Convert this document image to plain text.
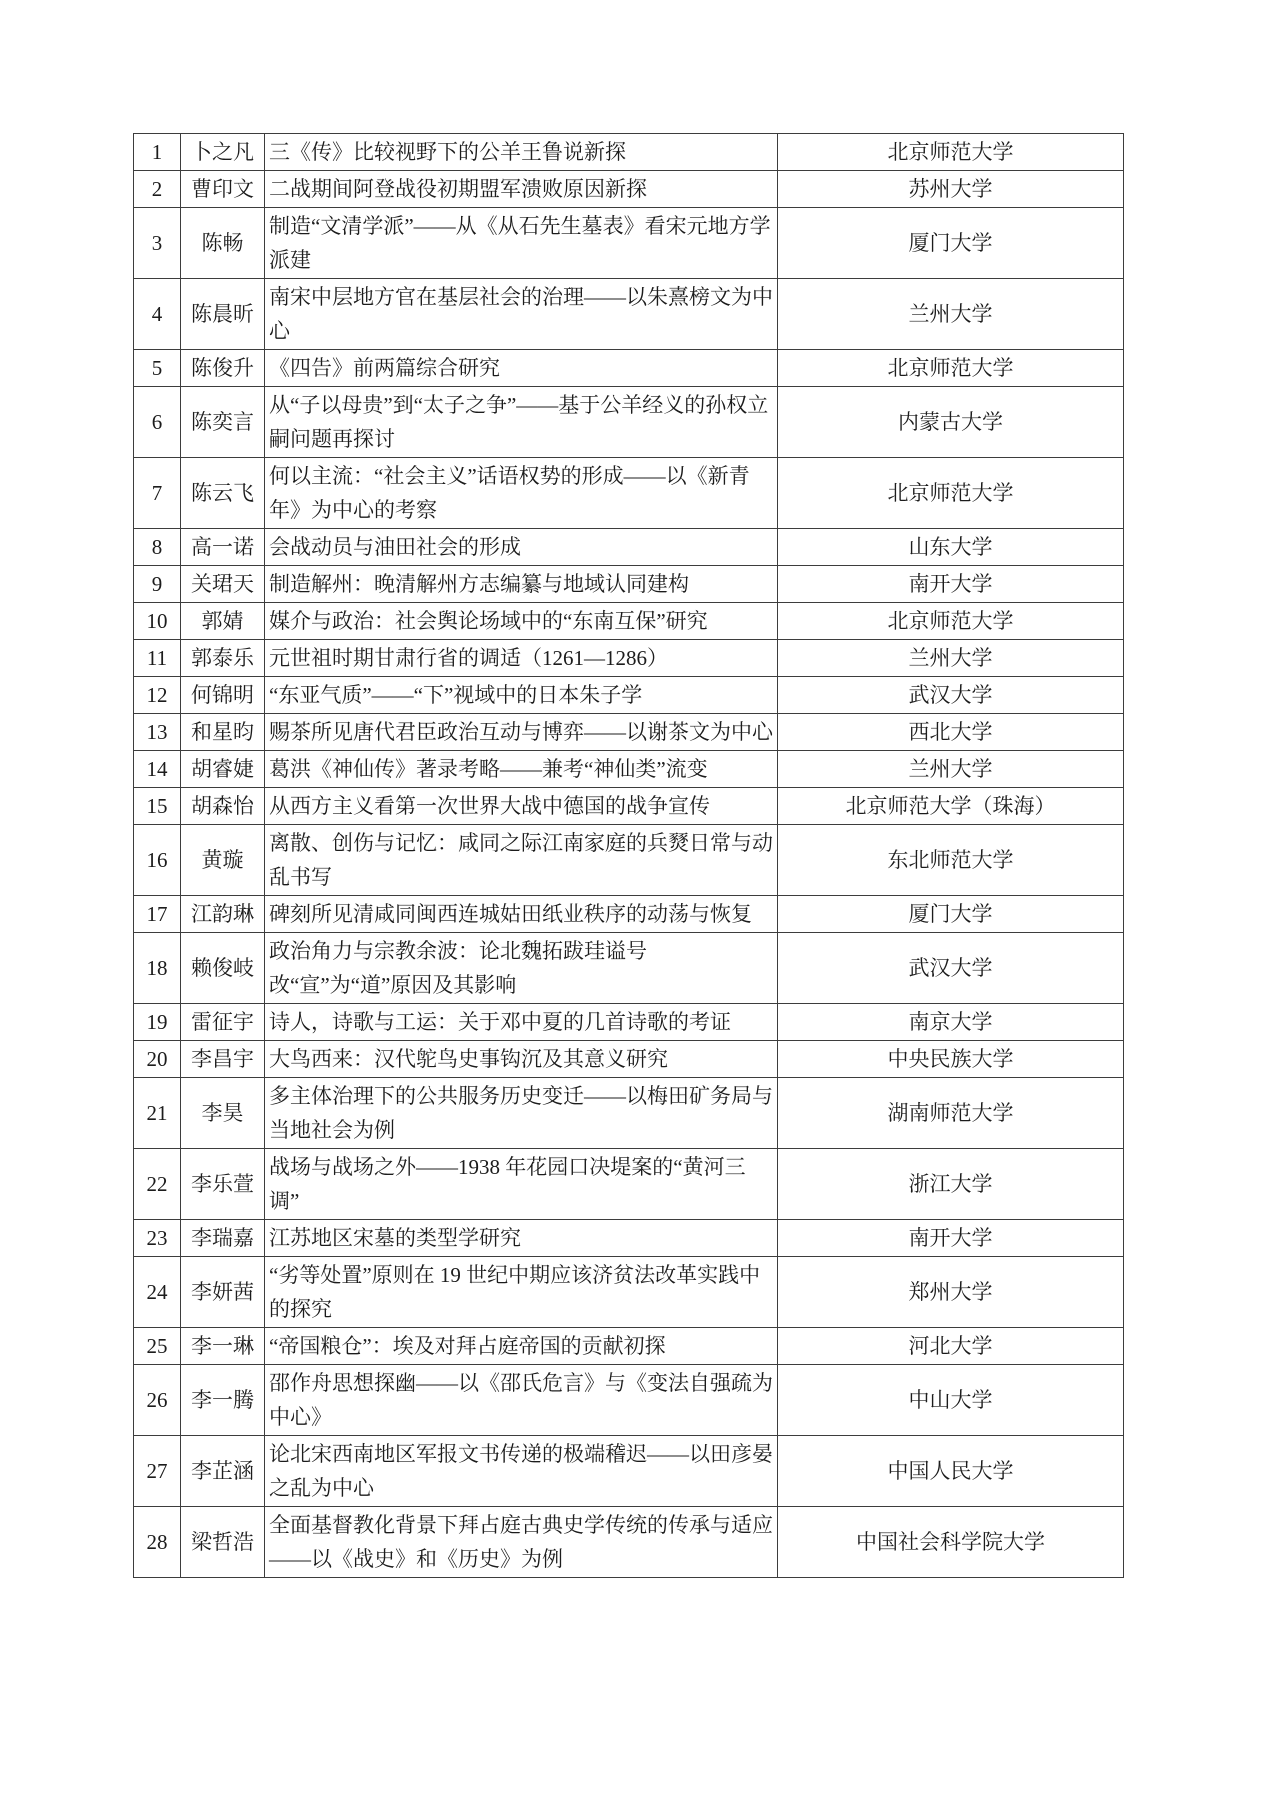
1	卜之凡	三《传》比较视野下的公羊王鲁说新探	北京师范大学
2	曹印文	二战期间阿登战役初期盟军溃败原因新探	苏州大学
3	陈畅	制造“文清学派”——从《从石先生墓表》看宋元地方学派建	厦门大学
4	陈晨昕	南宋中层地方官在基层社会的治理——以朱熹榜文为中心	兰州大学
5	陈俊升	《四告》前两篇综合研究	北京师范大学
6	陈奕言	从“子以母贵”到“太子之争”——基于公羊经义的孙权立嗣问题再探讨	内蒙古大学
7	陈云飞	何以主流：“社会主义”话语权势的形成——以《新青年》为中心的考察	北京师范大学
8	高一诺	会战动员与油田社会的形成	山东大学
9	关珺天	制造解州：晚清解州方志编纂与地域认同建构	南开大学
10	郭婧	媒介与政治：社会舆论场域中的“东南互保”研究	北京师范大学
11	郭泰乐	元世祖时期甘肃行省的调适（1261—1286）	兰州大学
12	何锦明	“东亚气质”——“下”视域中的日本朱子学	武汉大学
13	和星昀	赐茶所见唐代君臣政治互动与博弈——以谢茶文为中心	西北大学
14	胡睿婕	葛洪《神仙传》著录考略——兼考“神仙类”流变	兰州大学
15	胡森怡	从西方主义看第一次世界大战中德国的战争宣传	北京师范大学（珠海）
16	黄璇	离散、创伤与记忆：咸同之际江南家庭的兵燹日常与动乱书写	东北师范大学
17	江韵琳	碑刻所见清咸同闽西连城姑田纸业秩序的动荡与恢复	厦门大学
18	赖俊岐	政治角力与宗教余波：论北魏拓跋珪谥号改“宣”为“道”原因及其影响	武汉大学
19	雷征宇	诗人，诗歌与工运：关于邓中夏的几首诗歌的考证	南京大学
20	李昌宇	大鸟西来：汉代鸵鸟史事钩沉及其意义研究	中央民族大学
21	李昊	多主体治理下的公共服务历史变迁——以梅田矿务局与当地社会为例	湖南师范大学
22	李乐萱	战场与战场之外——1938 年花园口决堤案的“黄河三调”	浙江大学
23	李瑞嘉	江苏地区宋墓的类型学研究	南开大学
24	李妍茜	“劣等处置”原则在 19 世纪中期应该济贫法改革实践中的探究	郑州大学
25	李一琳	“帝国粮仓”：埃及对拜占庭帝国的贡献初探	河北大学
26	李一腾	邵作舟思想探幽——以《邵氏危言》与《变法自强疏为中心》	中山大学
27	李芷涵	论北宋西南地区军报文书传递的极端稽迟——以田彦晏之乱为中心	中国人民大学
28	梁哲浩	全面基督教化背景下拜占庭古典史学传统的传承与适应——以《战史》和《历史》为例	中国社会科学院大学
